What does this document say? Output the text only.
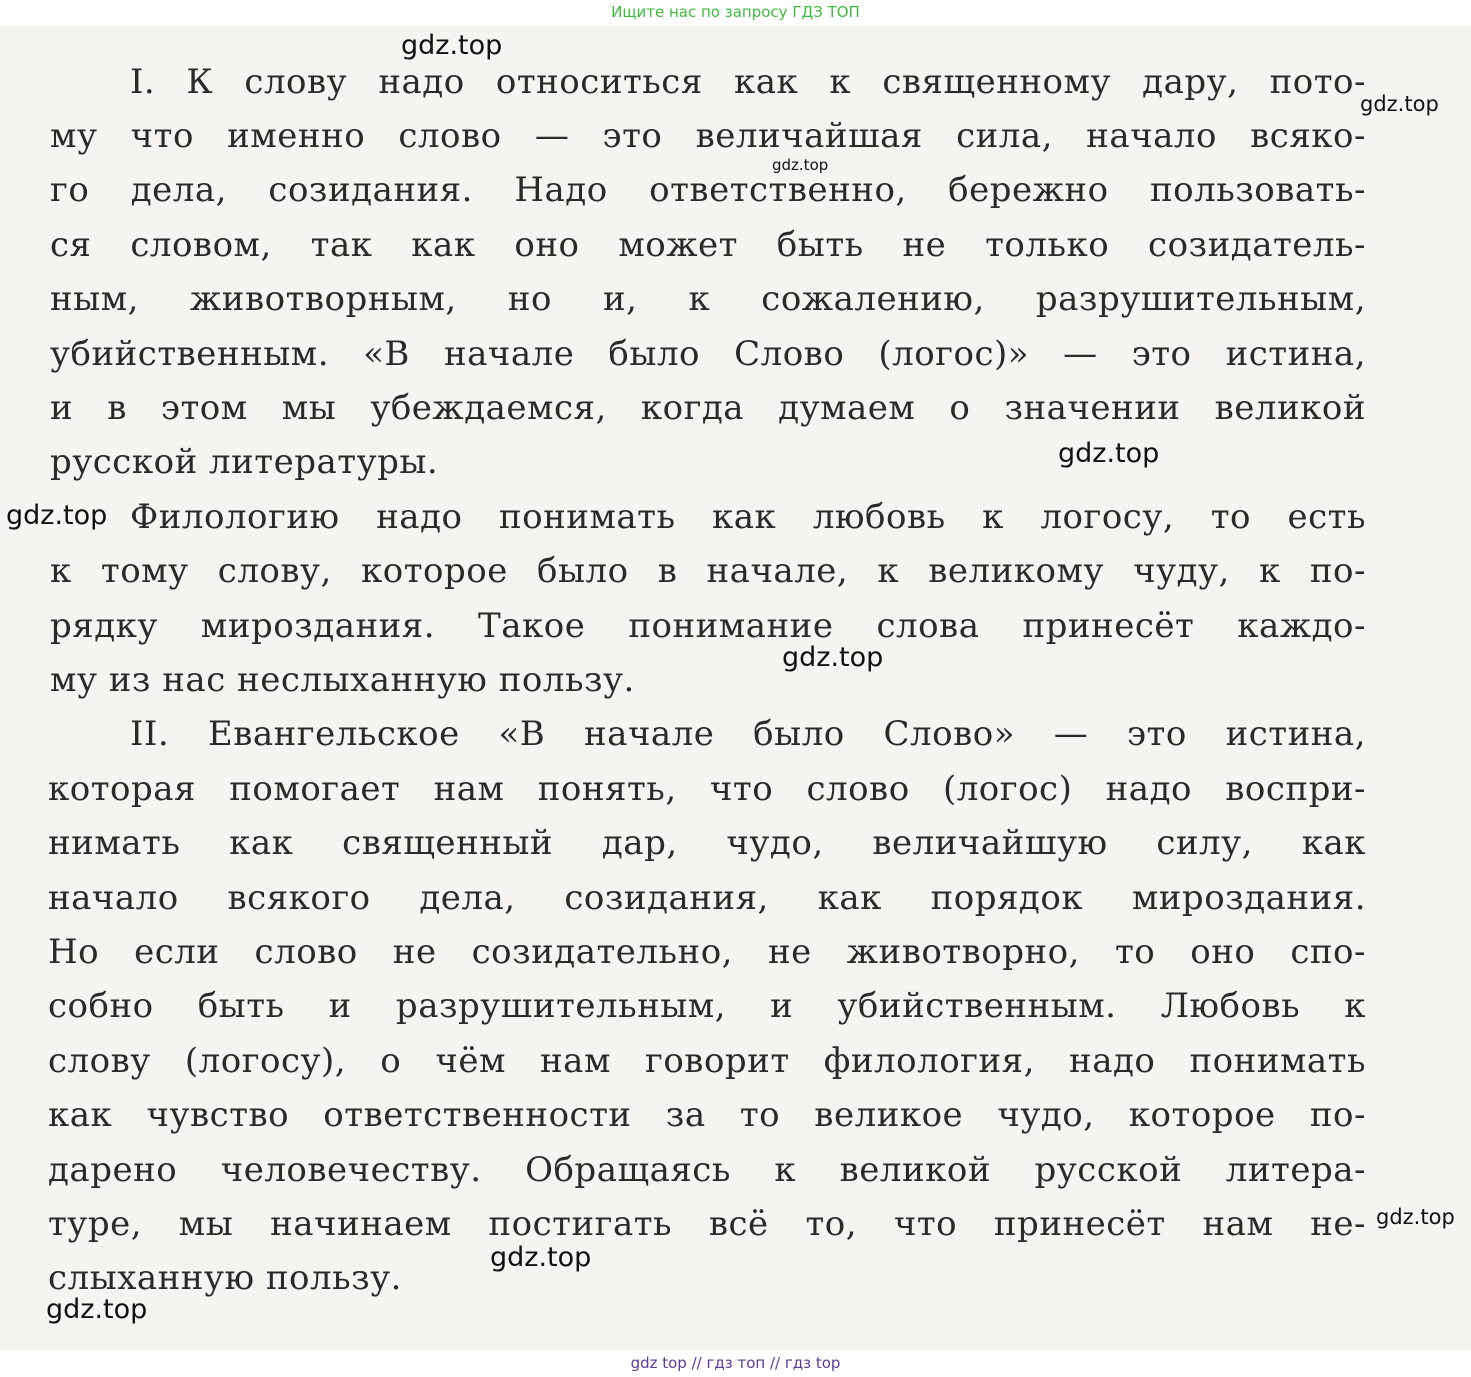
Ищите нас по запросу ГДЗ ТОП
I. К слову надо относиться как к священному дару, пото-
му что именно слово — это величайшая сила, начало всяко-
го дела, созидания. Надо ответственно, бережно пользовать-
ся словом, так как оно может быть не только созидатель-
ным, животворным, но и, к сожалению, разрушительным,
убийственным. «В начале было Слово (логос)» — это истина,
и в этом мы убеждаемся, когда думаем о значении великой
русской литературы.
Филологию надо понимать как любовь к логосу, то есть
к тому слову, которое было в начале, к великому чуду, к по-
рядку мироздания. Такое понимание слова принесёт каждо-
му из нас неслыханную пользу.
II. Евангельское «В начале было Слово» — это истина,
которая помогает нам понять, что слово (логос) надо воспри-
нимать как священный дар, чудо, величайшую силу, как
начало всякого дела, созидания, как порядок мироздания.
Но если слово не созидательно, не животворно, то оно спо-
собно быть и разрушительным, и убийственным. Любовь к
слову (логосу), о чём нам говорит филология, надо понимать
как чувство ответственности за то великое чудо, которое по-
дарено человечеству. Обращаясь к великой русской литера-
туре, мы начинаем постигать всё то, что принесёт нам не-
слыханную пользу.
gdz.top
gdz.top
gdz.top
gdz.top
gdz.top
gdz.top
gdz.top
gdz.top
gdz.top
gdz top // гдз топ // гдз top
